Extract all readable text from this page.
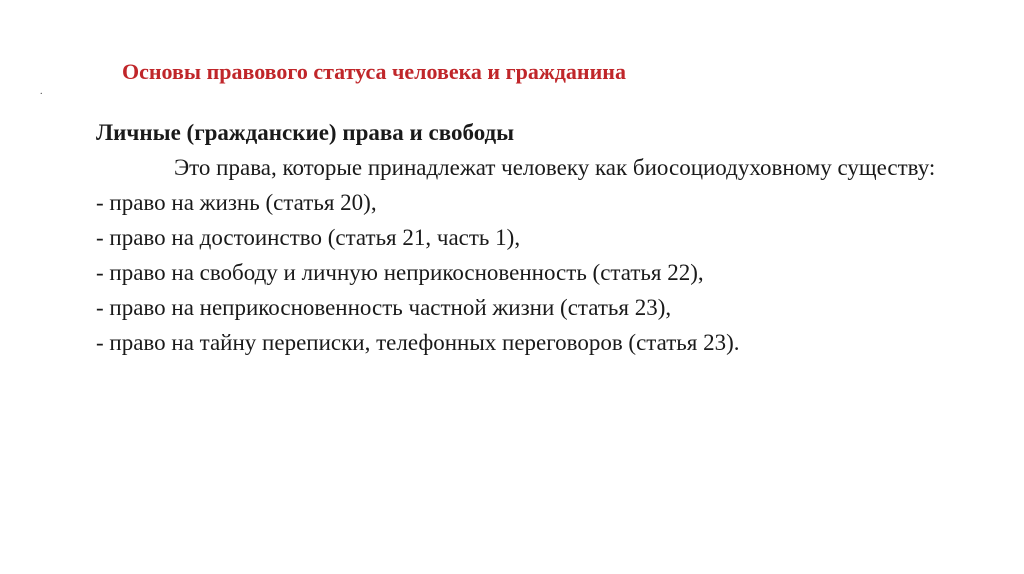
Основы правового статуса человека и гражданина
.
Личные (гражданские) права и свободы
Это права, которые принадлежат человеку как биосоциодуховному существу:
- право на жизнь (статья 20),
- право на достоинство (статья 21, часть 1),
- право на свободу и личную неприкосновенность (статья 22),
- право на неприкосновенность частной жизни (статья 23),
- право на тайну переписки, телефонных переговоров (статья 23).
